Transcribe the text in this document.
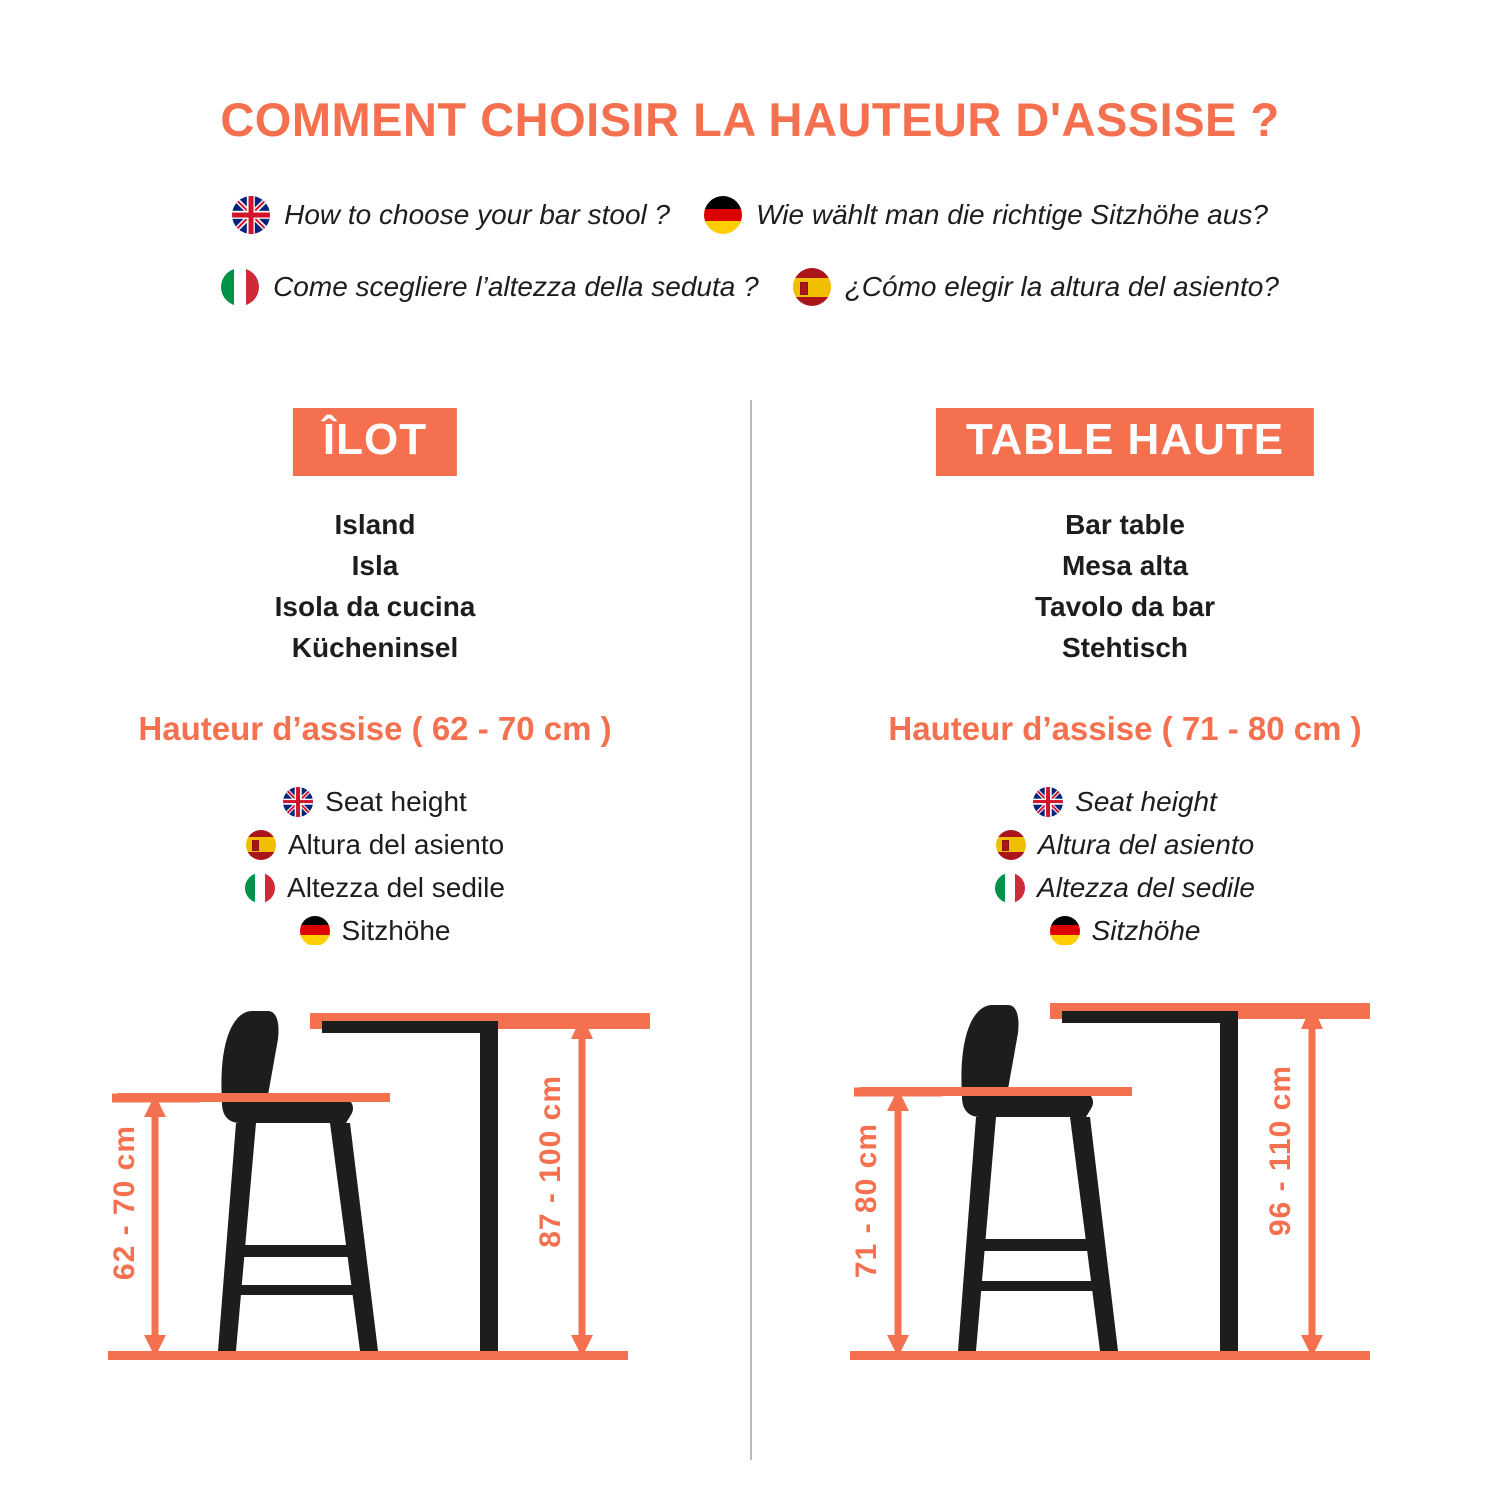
COMMENT CHOISIR LA HAUTEUR D'ASSISE ?
How to choose your bar stool ?	Wie wählt man die richtige Sitzhöhe aus?
Come scegliere l’altezza della seduta ?	¿Cómo elegir la altura del asiento?
ÎLOT
Island
Isla
Isola da cucina
Kücheninsel
Hauteur d’assise ( 62 - 70 cm )
Seat height
Altura del asiento
Altezza del sedile
Sitzhöhe
62 - 70 cm	87 - 100 cm
TABLE HAUTE
Bar table
Mesa alta
Tavolo da bar
Stehtisch
Hauteur d’assise ( 71 - 80 cm )
Seat height
Altura del asiento
Altezza del sedile
Sitzhöhe
71 - 80 cm	96 - 110 cm
